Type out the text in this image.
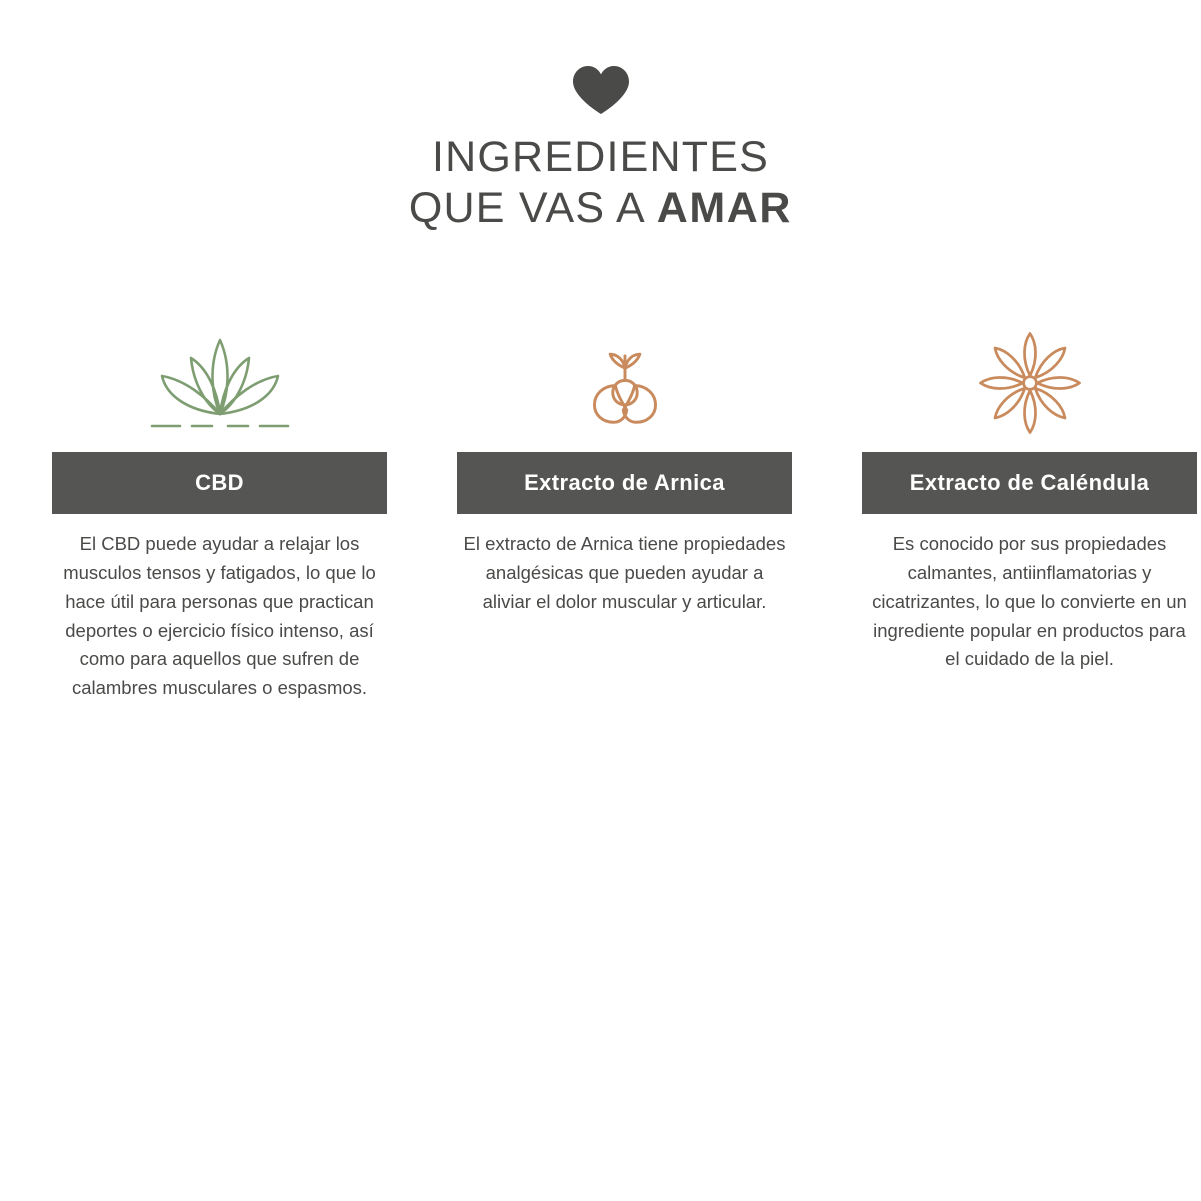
INGREDIENTES
QUE VAS A AMAR
CBD
El CBD puede ayudar a relajar los musculos tensos y fatigados, lo que lo hace útil para personas que practican deportes o ejercicio físico intenso, así como para aquellos que sufren de calambres musculares o espasmos.
Extracto de Arnica
El extracto de Arnica tiene propiedades analgésicas que pueden ayudar a aliviar el dolor muscular y articular.
Extracto de Caléndula
Es conocido por sus propiedades calmantes, antiinflamatorias y cicatrizantes, lo que lo convierte en un ingrediente popular en productos para el cuidado de la piel.
